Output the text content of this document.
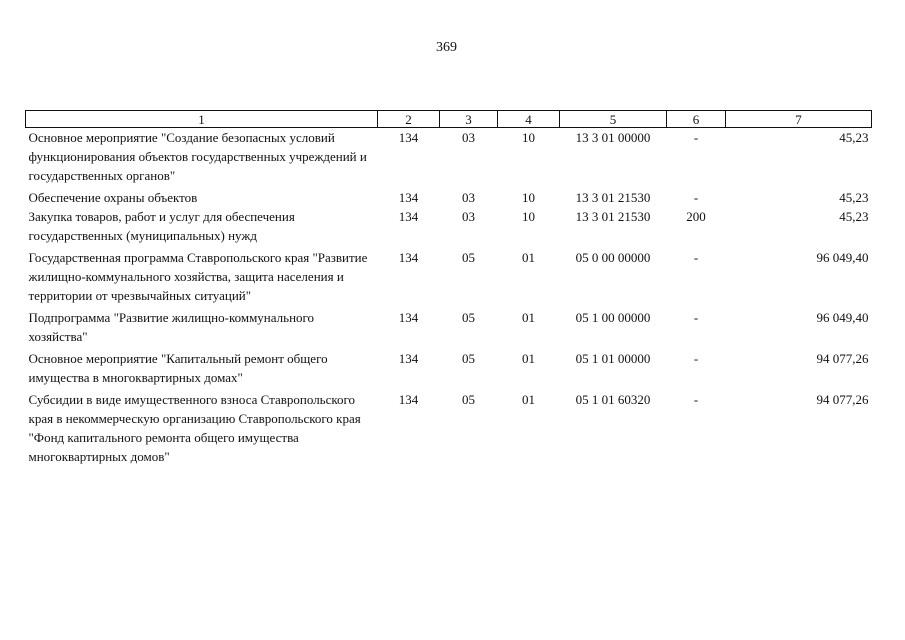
369
1	2	3	4	5	6	7
Основное мероприятие "Создание безопасных условий функционирования объектов государственных учреждений и государственных органов"	134	03	10	13 3 01 00000	-	45,23
Обеспечение охраны объектов	134	03	10	13 3 01 21530	-	45,23
Закупка товаров, работ и услуг для обеспечения государственных (муниципальных) нужд	134	03	10	13 3 01 21530	200	45,23
Государственная программа Ставропольского края "Развитие жилищно-коммунального хозяйства, защита населения и территории от чрезвычайных ситуаций"	134	05	01	05 0 00 00000	-	96 049,40
Подпрограмма "Развитие жилищно-коммунального хозяйства"	134	05	01	05 1 00 00000	-	96 049,40
Основное мероприятие "Капитальный ремонт общего имущества в многоквартирных домах"	134	05	01	05 1 01 00000	-	94 077,26
Субсидии в виде имущественного взноса Ставропольского края в некоммерческую организацию Ставропольского края "Фонд капитального ремонта общего имущества многоквартирных домов"	134	05	01	05 1 01 60320	-	94 077,26
